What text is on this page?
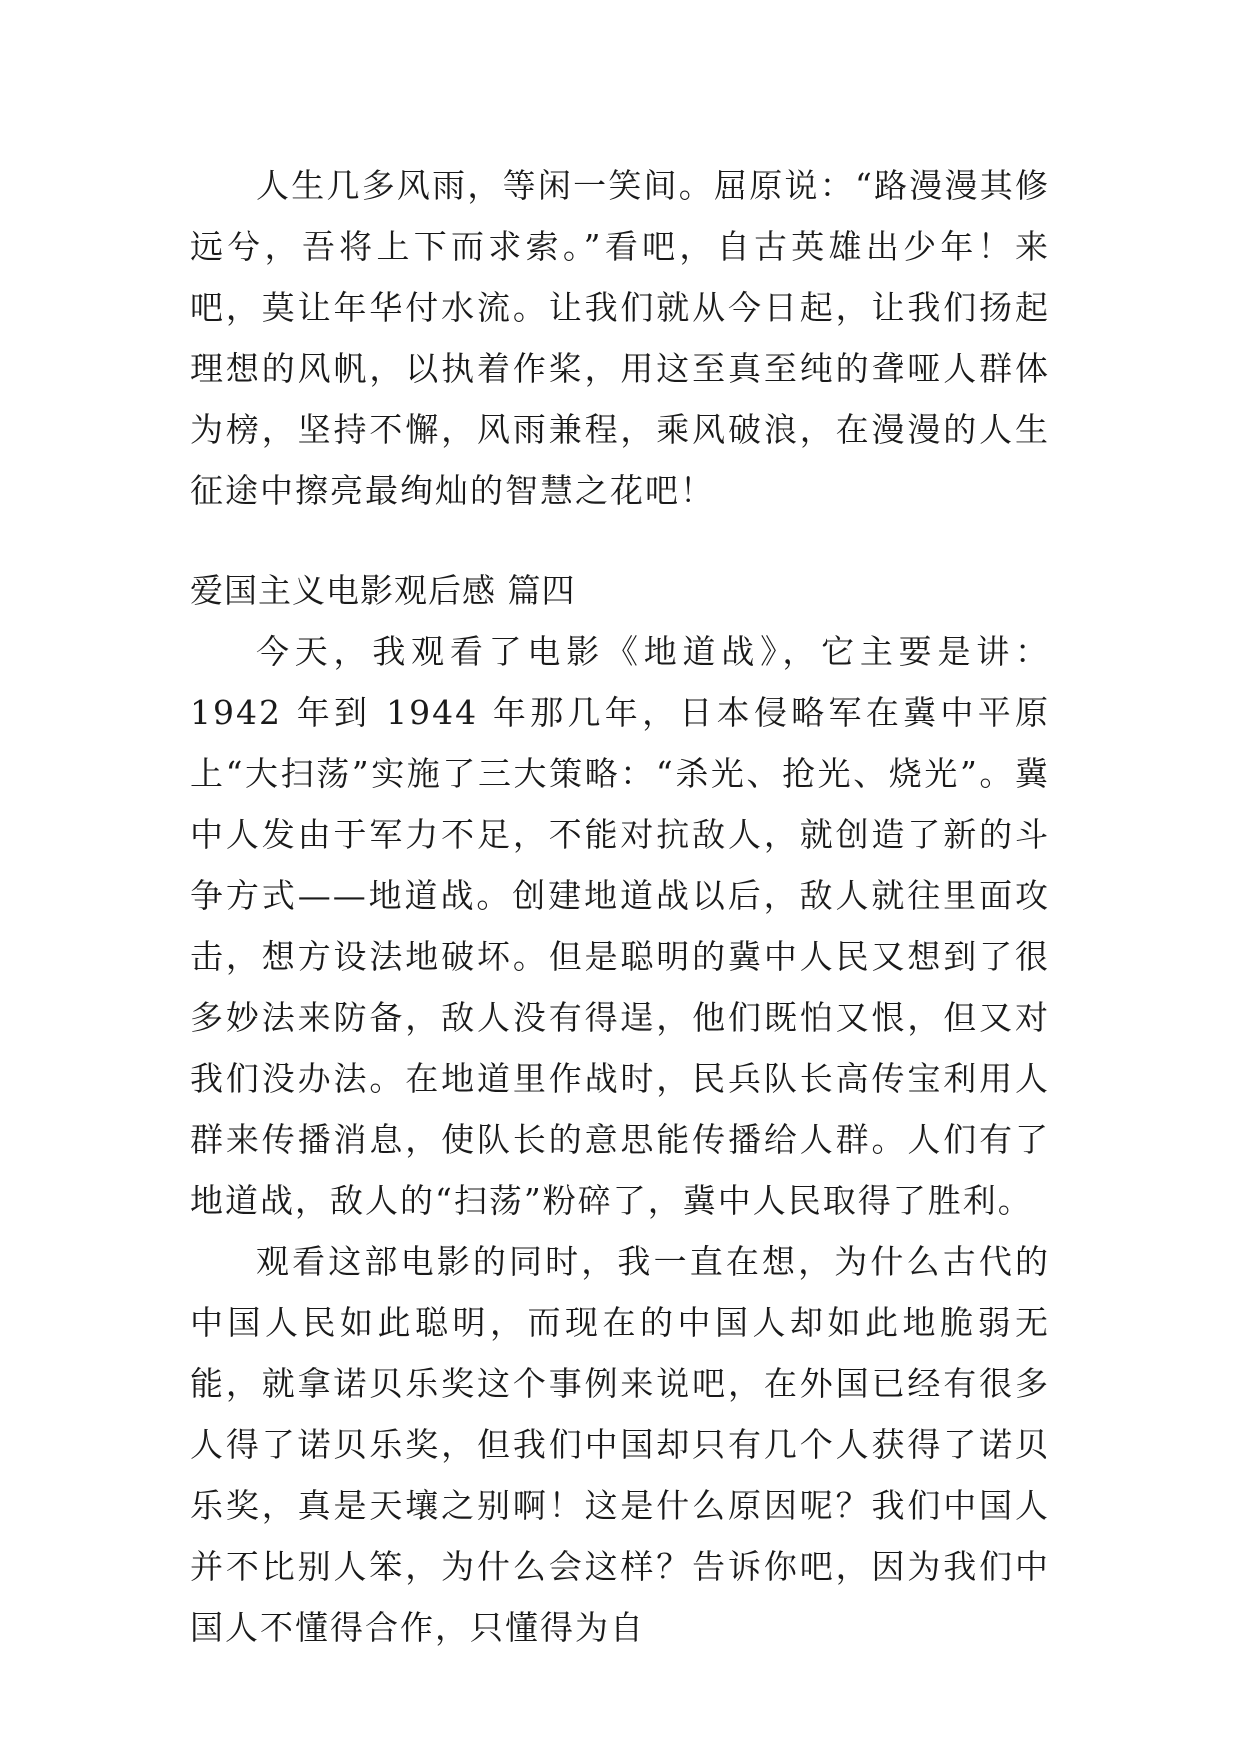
人生几多风雨，等闲一笑间。屈原说：“路漫漫其修远兮，吾将上下而求索。”看吧，自古英雄出少年！来吧，莫让年华付水流。让我们就从今日起，让我们扬起理想的风帆，以执着作桨，用这至真至纯的聋哑人群体为榜，坚持不懈，风雨兼程，乘风破浪，在漫漫的人生征途中擦亮最绚灿的智慧之花吧！

爱国主义电影观后感 篇四

今天，我观看了电影《地道战》，它主要是讲：1942 年到 1944 年那几年，日本侵略军在冀中平原上“大扫荡”实施了三大策略：“杀光、抢光、烧光”。冀中人发由于军力不足，不能对抗敌人，就创造了新的斗争方式——地道战。创建地道战以后，敌人就往里面攻击，想方设法地破坏。但是聪明的冀中人民又想到了很多妙法来防备，敌人没有得逞，他们既怕又恨，但又对我们没办法。在地道里作战时，民兵队长高传宝利用人群来传播消息，使队长的意思能传播给人群。人们有了地道战，敌人的“扫荡”粉碎了，冀中人民取得了胜利。

观看这部电影的同时，我一直在想，为什么古代的中国人民如此聪明，而现在的中国人却如此地脆弱无能，就拿诺贝乐奖这个事例来说吧，在外国已经有很多人得了诺贝乐奖，但我们中国却只有几个人获得了诺贝乐奖，真是天壤之别啊！这是什么原因呢？我们中国人并不比别人笨，为什么会这样？告诉你吧，因为我们中国人不懂得合作，只懂得为自
